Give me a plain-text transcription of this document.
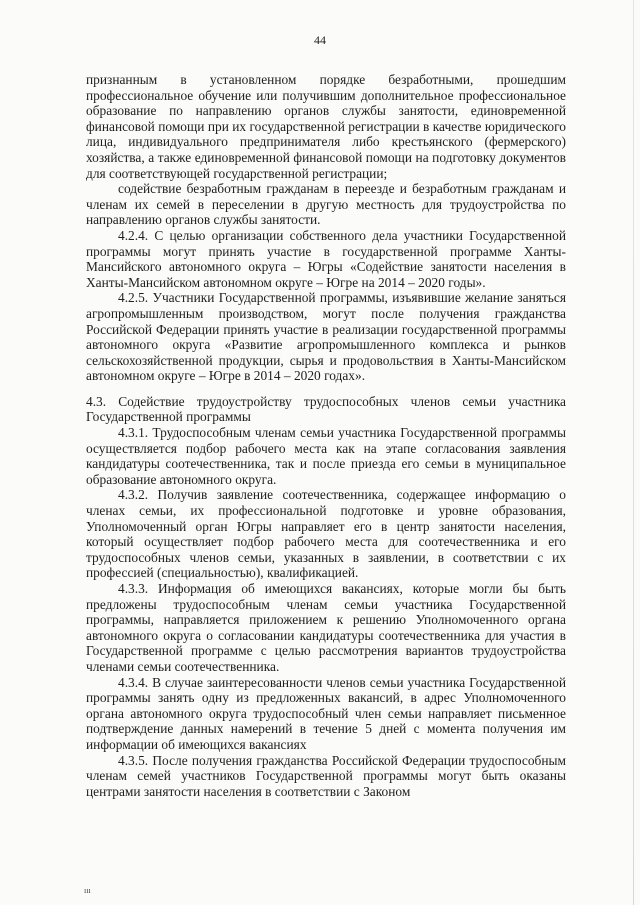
44

признанным в установленном порядке безработными, прошедшим профессиональное обучение или получившим дополнительное профессиональное образование по направлению органов службы занятости, единовременной финансовой помощи при их государственной регистрации в качестве юридического лица, индивидуального предпринимателя либо крестьянского (фермерского) хозяйства, а также единовременной финансовой помощи на подготовку документов для соответствующей государственной регистрации;

содействие безработным гражданам в переезде и безработным гражданам и членам их семей в переселении в другую местность для трудоустройства по направлению органов службы занятости.

4.2.4. С целью организации собственного дела участники Государственной программы могут принять участие в государственной программе Ханты-Мансийского автономного округа – Югры «Содействие занятости населения в Ханты-Мансийском автономном округе – Югре на 2014 – 2020 годы».

4.2.5. Участники Государственной программы, изъявившие желание заняться агропромышленным производством, могут после получения гражданства Российской Федерации принять участие в реализации государственной программы автономного округа «Развитие агропромышленного комплекса и рынков сельскохозяйственной продукции, сырья и продовольствия в Ханты-Мансийском автономном округе – Югре в 2014 – 2020 годах».

4.3. Содействие трудоустройству трудоспособных членов семьи участника Государственной программы

4.3.1. Трудоспособным членам семьи участника Государственной программы осуществляется подбор рабочего места как на этапе согласования заявления кандидатуры соотечественника, так и после приезда его семьи в муниципальное образование автономного округа.

4.3.2. Получив заявление соотечественника, содержащее информацию о членах семьи, их профессиональной подготовке и уровне образования, Уполномоченный орган Югры направляет его в центр занятости населения, который осуществляет подбор рабочего места для соотечественника и его трудоспособных членов семьи, указанных в заявлении, в соответствии с их профессией (специальностью), квалификацией.

4.3.3. Информация об имеющихся вакансиях, которые могли бы быть предложены трудоспособным членам семьи участника Государственной программы, направляется приложением к решению Уполномоченного органа автономного округа о согласовании кандидатуры соотечественника для участия в Государственной программе с целью рассмотрения вариантов трудоустройства членами семьи соотечественника.

4.3.4. В случае заинтересованности членов семьи участника Государственной программы занять одну из предложенных вакансий, в адрес Уполномоченного органа автономного округа трудоспособный член семьи направляет письменное подтверждение данных намерений в течение 5 дней с момента получения им информации об имеющихся вакансиях

4.3.5. После получения гражданства Российской Федерации трудоспособным членам семей участников Государственной программы могут быть оказаны центрами занятости населения в соответствии с Законом

ııı
